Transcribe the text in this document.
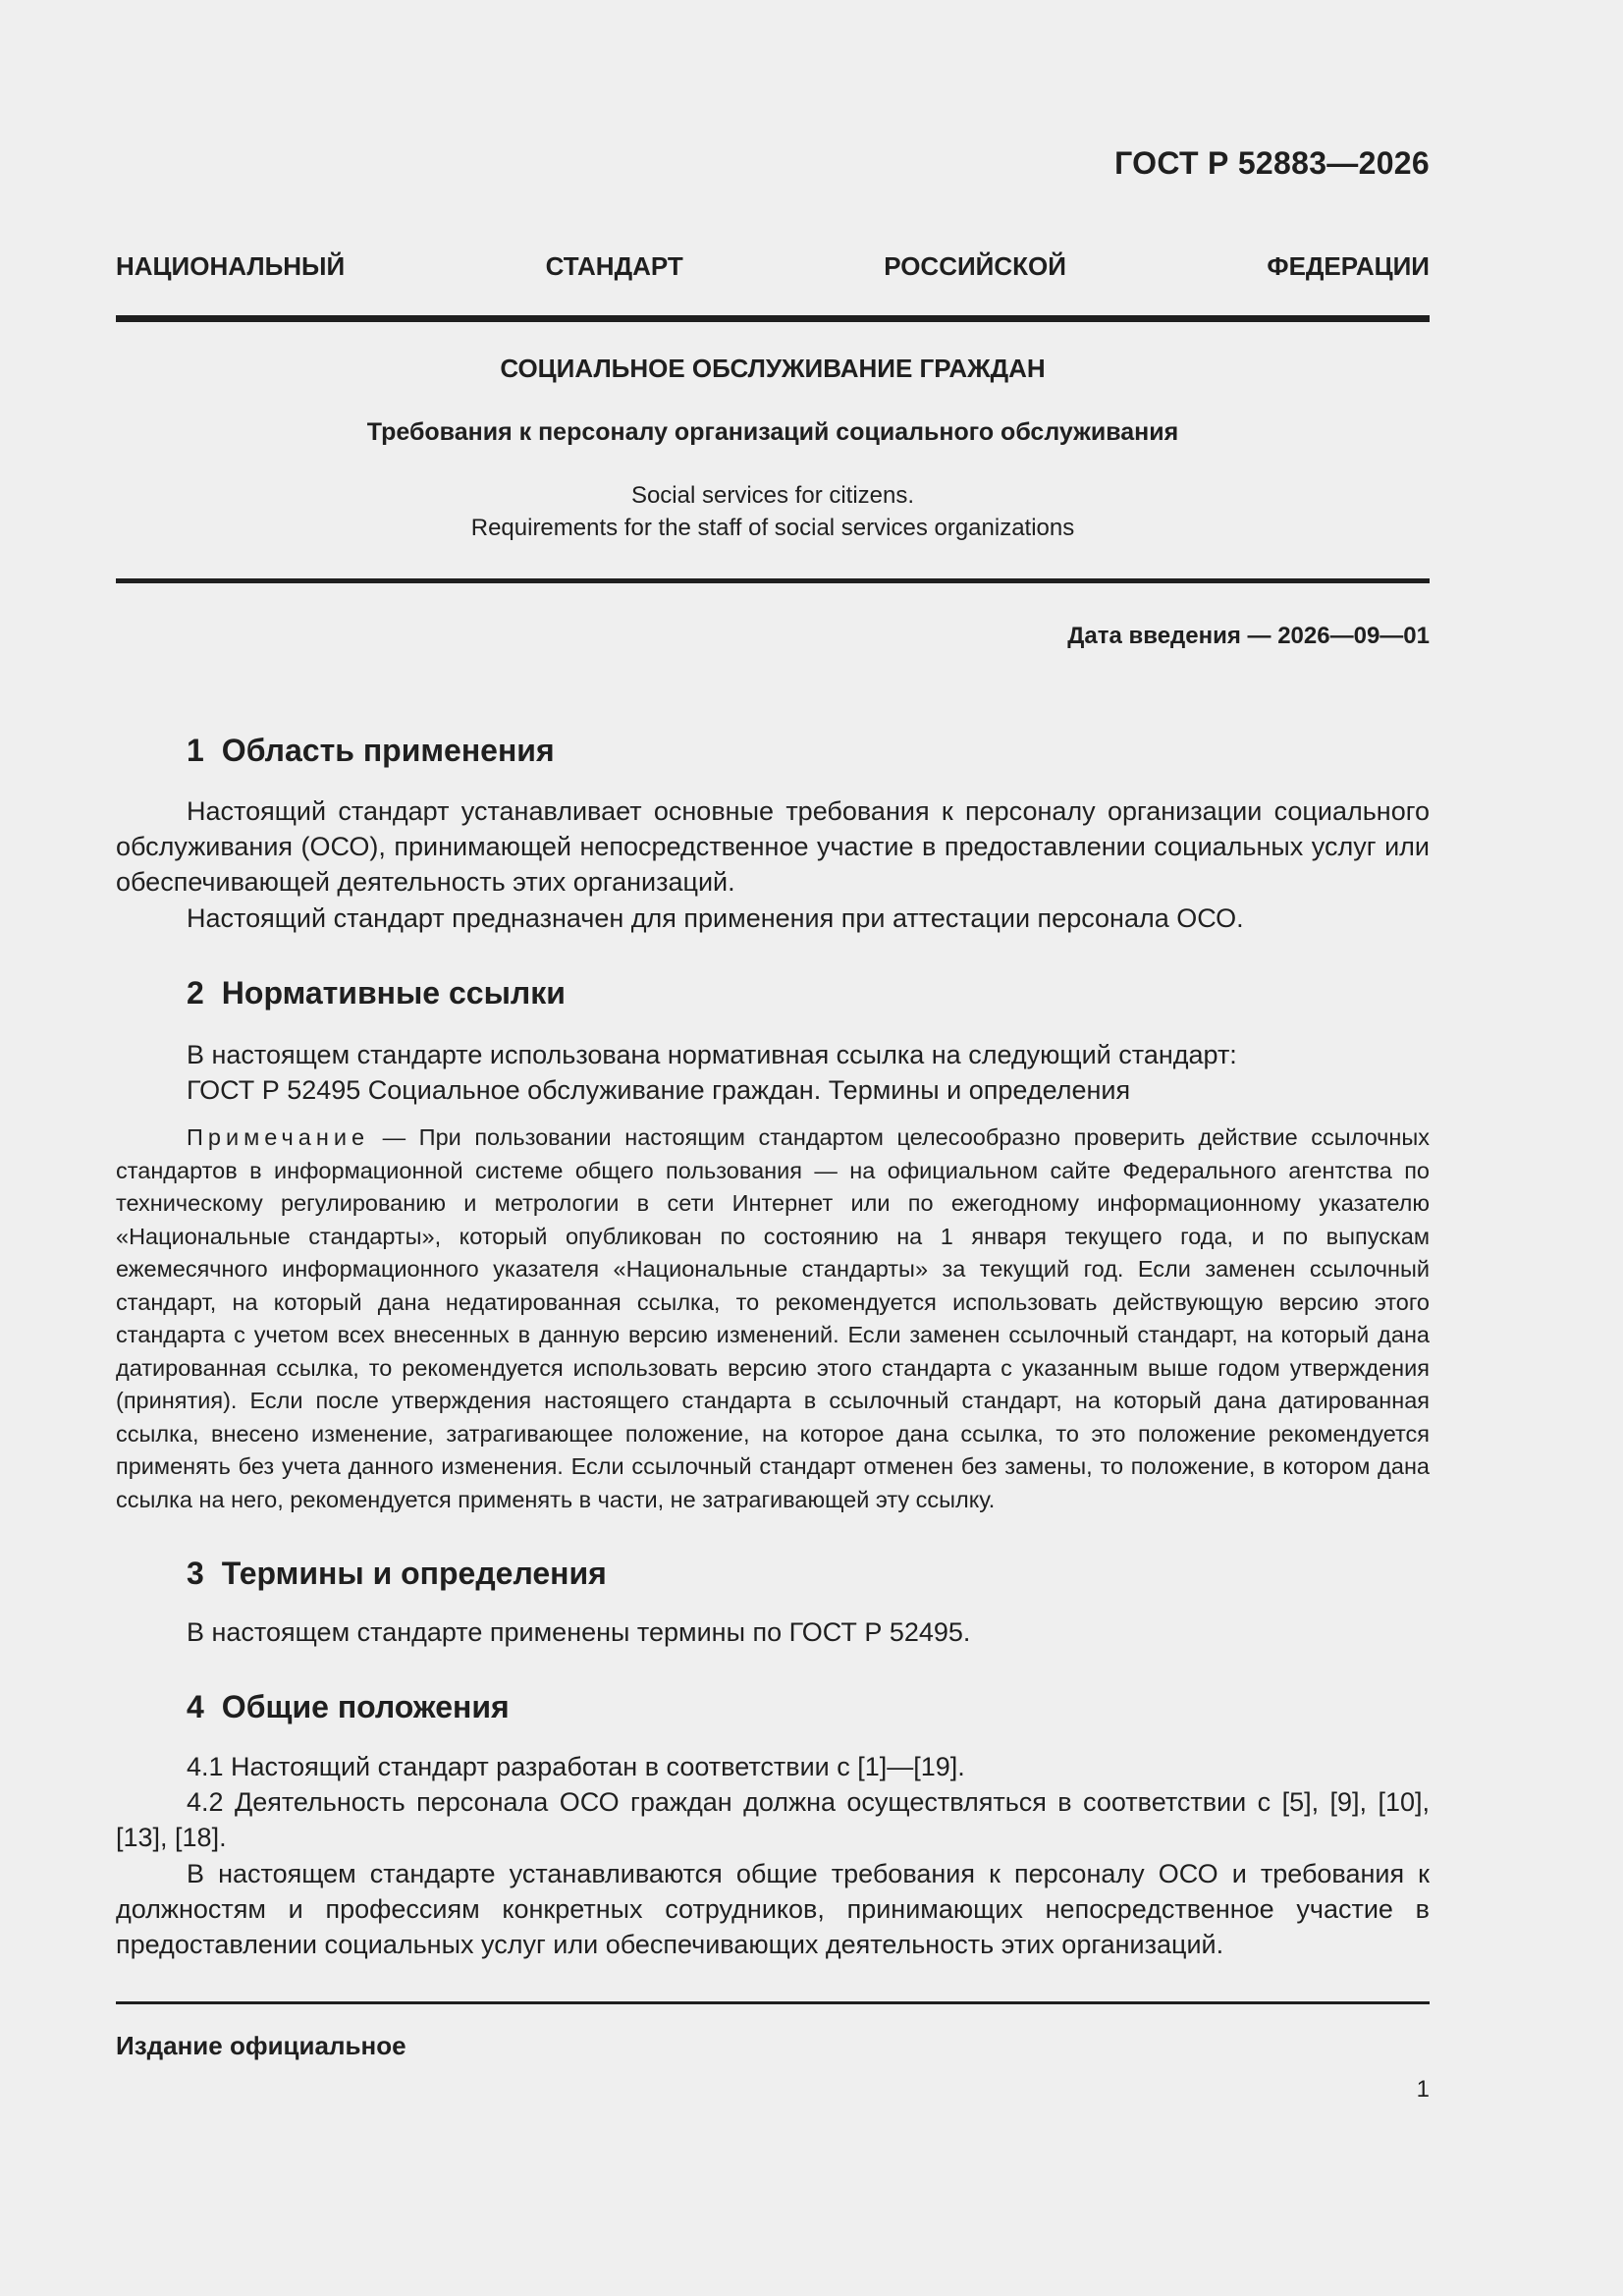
ГОСТ Р 52883—2026
НАЦИОНАЛЬНЫЙ	СТАНДАРТ	РОССИЙСКОЙ	ФЕДЕРАЦИИ
СОЦИАЛЬНОЕ ОБСЛУЖИВАНИЕ ГРАЖДАН
Требования к персоналу организаций социального обслуживания
Social services for citizens.
Requirements for the staff of social services organizations
Дата введения — 2026—09—01
1 Область применения

Настоящий стандарт устанавливает основные требования к персоналу организации социального обслуживания (ОСО), принимающей непосредственное участие в предоставлении социальных услуг или обеспечивающей деятельность этих организаций.

Настоящий стандарт предназначен для применения при аттестации персонала ОСО.

2 Нормативные ссылки

В настоящем стандарте использована нормативная ссылка на следующий стандарт:

ГОСТ Р 52495 Социальное обслуживание граждан. Термины и определения

Примечание — При пользовании настоящим стандартом целесообразно проверить действие ссылочных стандартов в информационной системе общего пользования — на официальном сайте Федерального агентства по техническому регулированию и метрологии в сети Интернет или по ежегодному информационному указателю «Национальные стандарты», который опубликован по состоянию на 1 января текущего года, и по выпускам ежемесячного информационного указателя «Национальные стандарты» за текущий год. Если заменен ссылочный стандарт, на который дана недатированная ссылка, то рекомендуется использовать действующую версию этого стандарта с учетом всех внесенных в данную версию изменений. Если заменен ссылочный стандарт, на который дана датированная ссылка, то рекомендуется использовать версию этого стандарта с указанным выше годом утверждения (принятия). Если после утверждения настоящего стандарта в ссылочный стандарт, на который дана датированная ссылка, внесено изменение, затрагивающее положение, на которое дана ссылка, то это положение рекомендуется применять без учета данного изменения. Если ссылочный стандарт отменен без замены, то положение, в котором дана ссылка на него, рекомендуется применять в части, не затрагивающей эту ссылку.

3 Термины и определения

В настоящем стандарте применены термины по ГОСТ Р 52495.

4 Общие положения

4.1 Настоящий стандарт разработан в соответствии с [1]—[19].

4.2 Деятельность персонала ОСО граждан должна осуществляться в соответствии с [5], [9], [10], [13], [18].

В настоящем стандарте устанавливаются общие требования к персоналу ОСО и требования к должностям и профессиям конкретных сотрудников, принимающих непосредственное участие в предоставлении социальных услуг или обеспечивающих деятельность этих организаций.

Издание официальное
1
